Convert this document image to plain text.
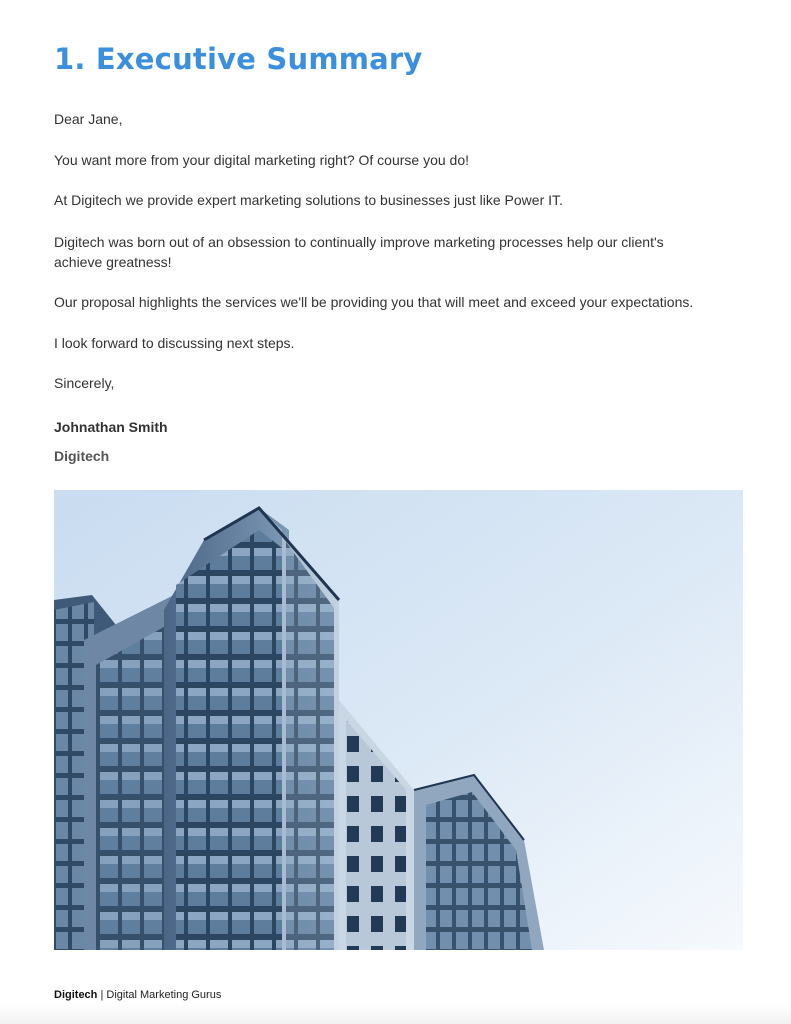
1. Executive Summary

Dear Jane,

You want more from your digital marketing right? Of course you do!

At Digitech we provide expert marketing solutions to businesses just like Power IT.

Digitech was born out of an obsession to continually improve marketing processes help our client's achieve greatness!

Our proposal highlights the services we'll be providing you that will meet and exceed your expectations.

I look forward to discussing next steps.

Sincerely,

Johnathan Smith

Digitech

Digitech | Digital Marketing Gurus
